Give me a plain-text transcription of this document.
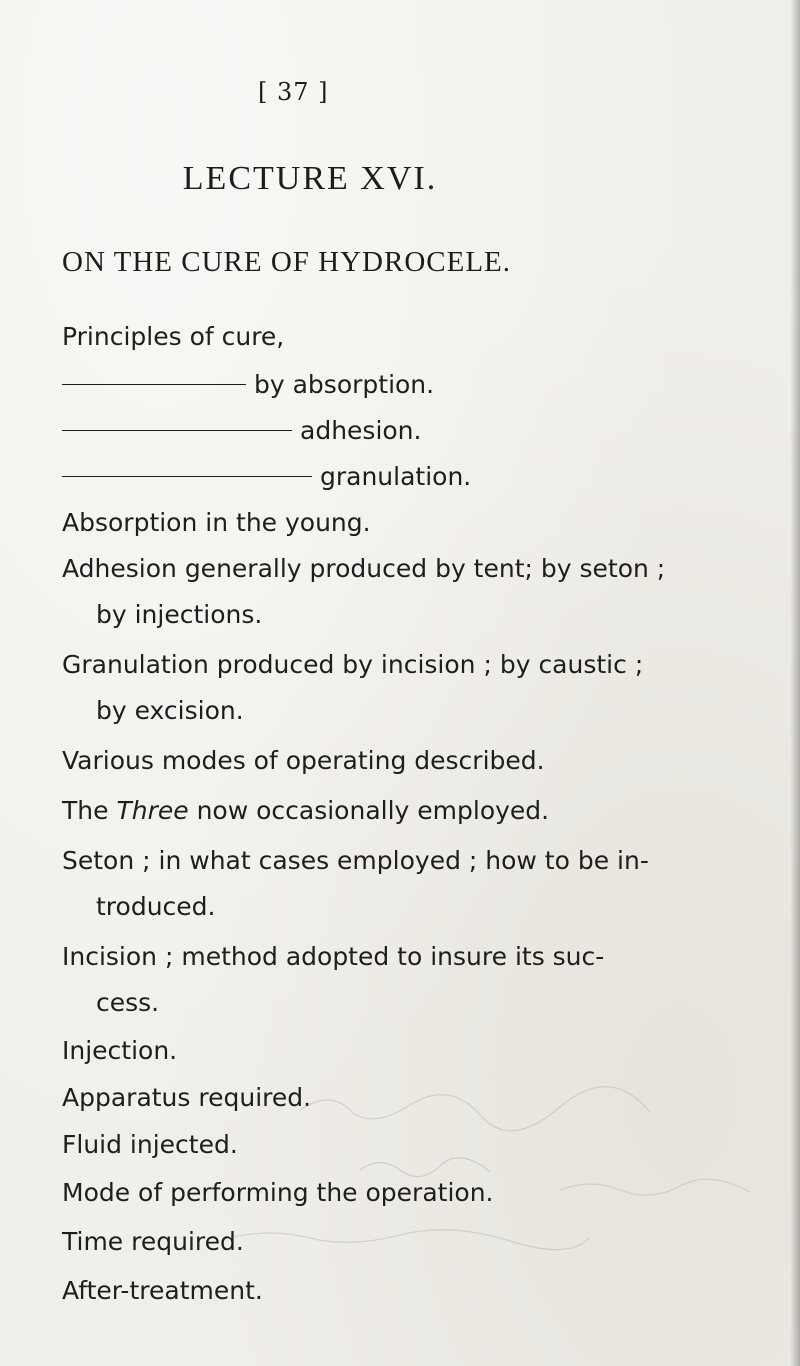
[ 37 ]
LECTURE XVI.
ON THE CURE OF HYDROCELE.
Principles of cure,
by absorption.
adhesion.
granulation.
Absorption in the young.
Adhesion generally produced by tent; by seton ;
by injections.
Granulation produced by incision ; by caustic ;
by excision.
Various modes of operating described.
The Three now occasionally employed.
Seton ; in what cases employed ; how to be in-
troduced.
Incision ; method adopted to insure its suc-
cess.
Injection.
Apparatus required.
Fluid injected.
Mode of performing the operation.
Time required.
After-treatment.
